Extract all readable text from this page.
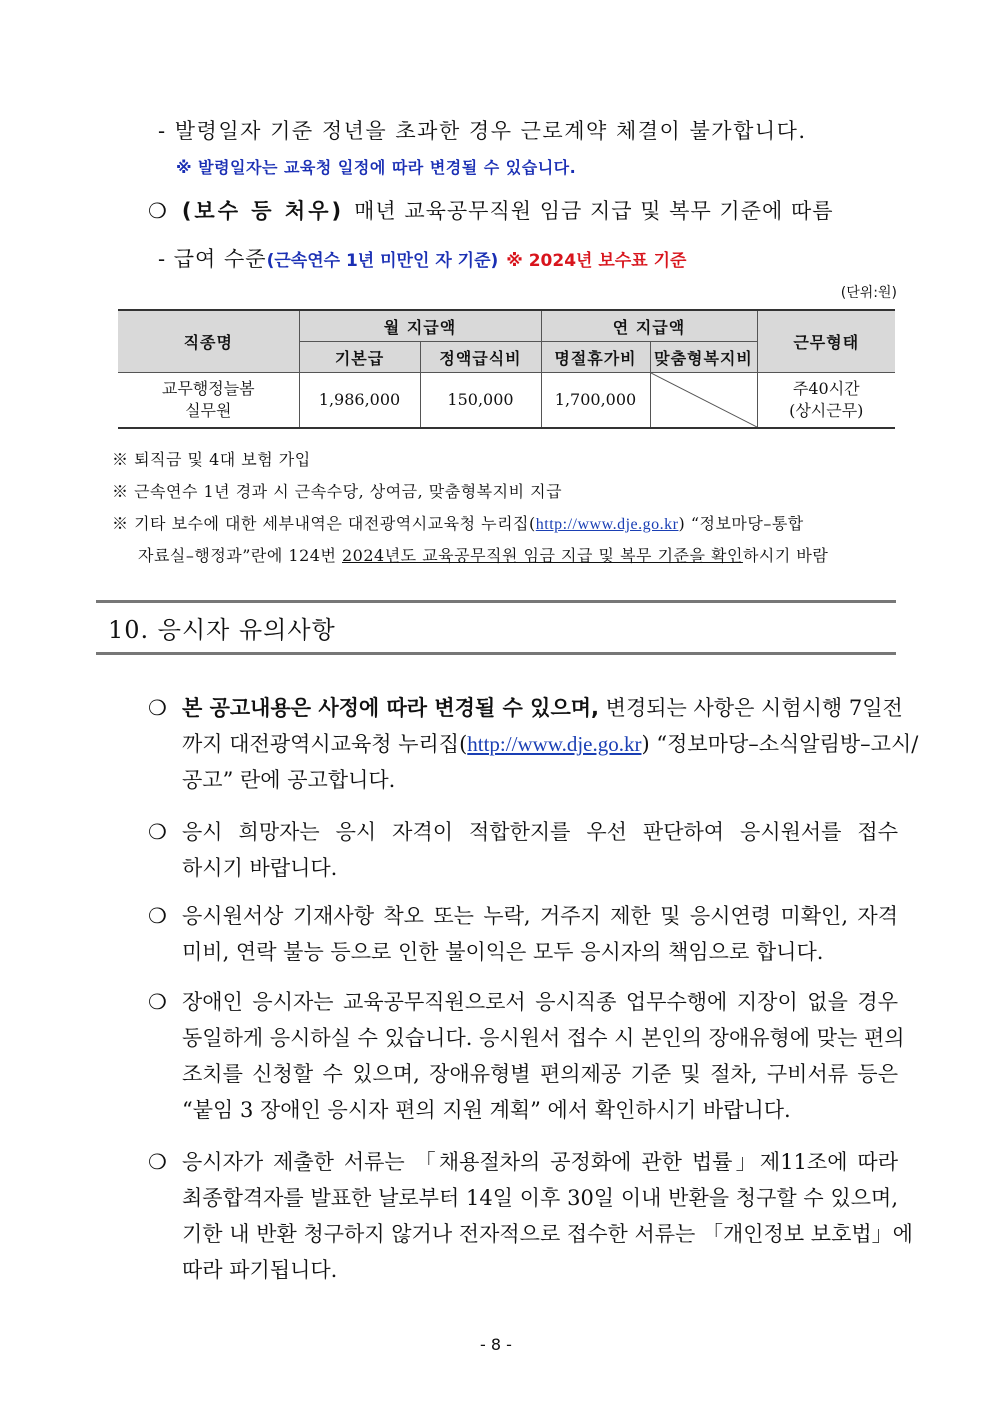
- 발령일자 기준 정년을 초과한 경우 근로계약 체결이 불가합니다.
※ 발령일자는 교육청 일정에 따라 변경될 수 있습니다.
❍ (보수 등 처우) 매년 교육공무직원 임금 지급 및 복무 기준에 따름
- 급여 수준(근속연수 1년 미만인 자 기준) ※ 2024년 보수표 기준
(단위:원)
직종명	월 지급액		연 지급액		근무형태
	기본급	정액급식비	명절휴가비	맞춤형복지비	
교무행정늘봄
실무원	1,986,000	150,000	1,700,000		주40시간
(상시근무)
※ 퇴직금 및 4대 보험 가입
※ 근속연수 1년 경과 시 근속수당, 상여금, 맞춤형복지비 지급
※ 기타 보수에 대한 세부내역은 대전광역시교육청 누리집(http://www.dje.go.kr) “정보마당–통합
자료실–행정과”란에 124번 2024년도 교육공무직원 임금 지급 및 복무 기준을 확인하시기 바람
10. 응시자 유의사항
❍ 본 공고내용은 사정에 따라 변경될 수 있으며, 변경되는 사항은 시험시행 7일전
까지 대전광역시교육청 누리집(http://www.dje.go.kr) “정보마당–소식알림방–고시/
공고” 란에 공고합니다.
❍ 응시 희망자는 응시 자격이 적합한지를 우선 판단하여 응시원서를 접수
하시기 바랍니다.
❍ 응시원서상 기재사항 착오 또는 누락, 거주지 제한 및 응시연령 미확인, 자격
미비, 연락 불능 등으로 인한 불이익은 모두 응시자의 책임으로 합니다.
❍ 장애인 응시자는 교육공무직원으로서 응시직종 업무수행에 지장이 없을 경우
동일하게 응시하실 수 있습니다. 응시원서 접수 시 본인의 장애유형에 맞는 편의
조치를 신청할 수 있으며, 장애유형별 편의제공 기준 및 절차, 구비서류 등은
“붙임 3 장애인 응시자 편의 지원 계획” 에서 확인하시기 바랍니다.
❍ 응시자가 제출한 서류는 「채용절차의 공정화에 관한 법률」제11조에 따라
최종합격자를 발표한 날로부터 14일 이후 30일 이내 반환을 청구할 수 있으며,
기한 내 반환 청구하지 않거나 전자적으로 접수한 서류는 「개인정보 보호법」에
따라 파기됩니다.
- 8 -
